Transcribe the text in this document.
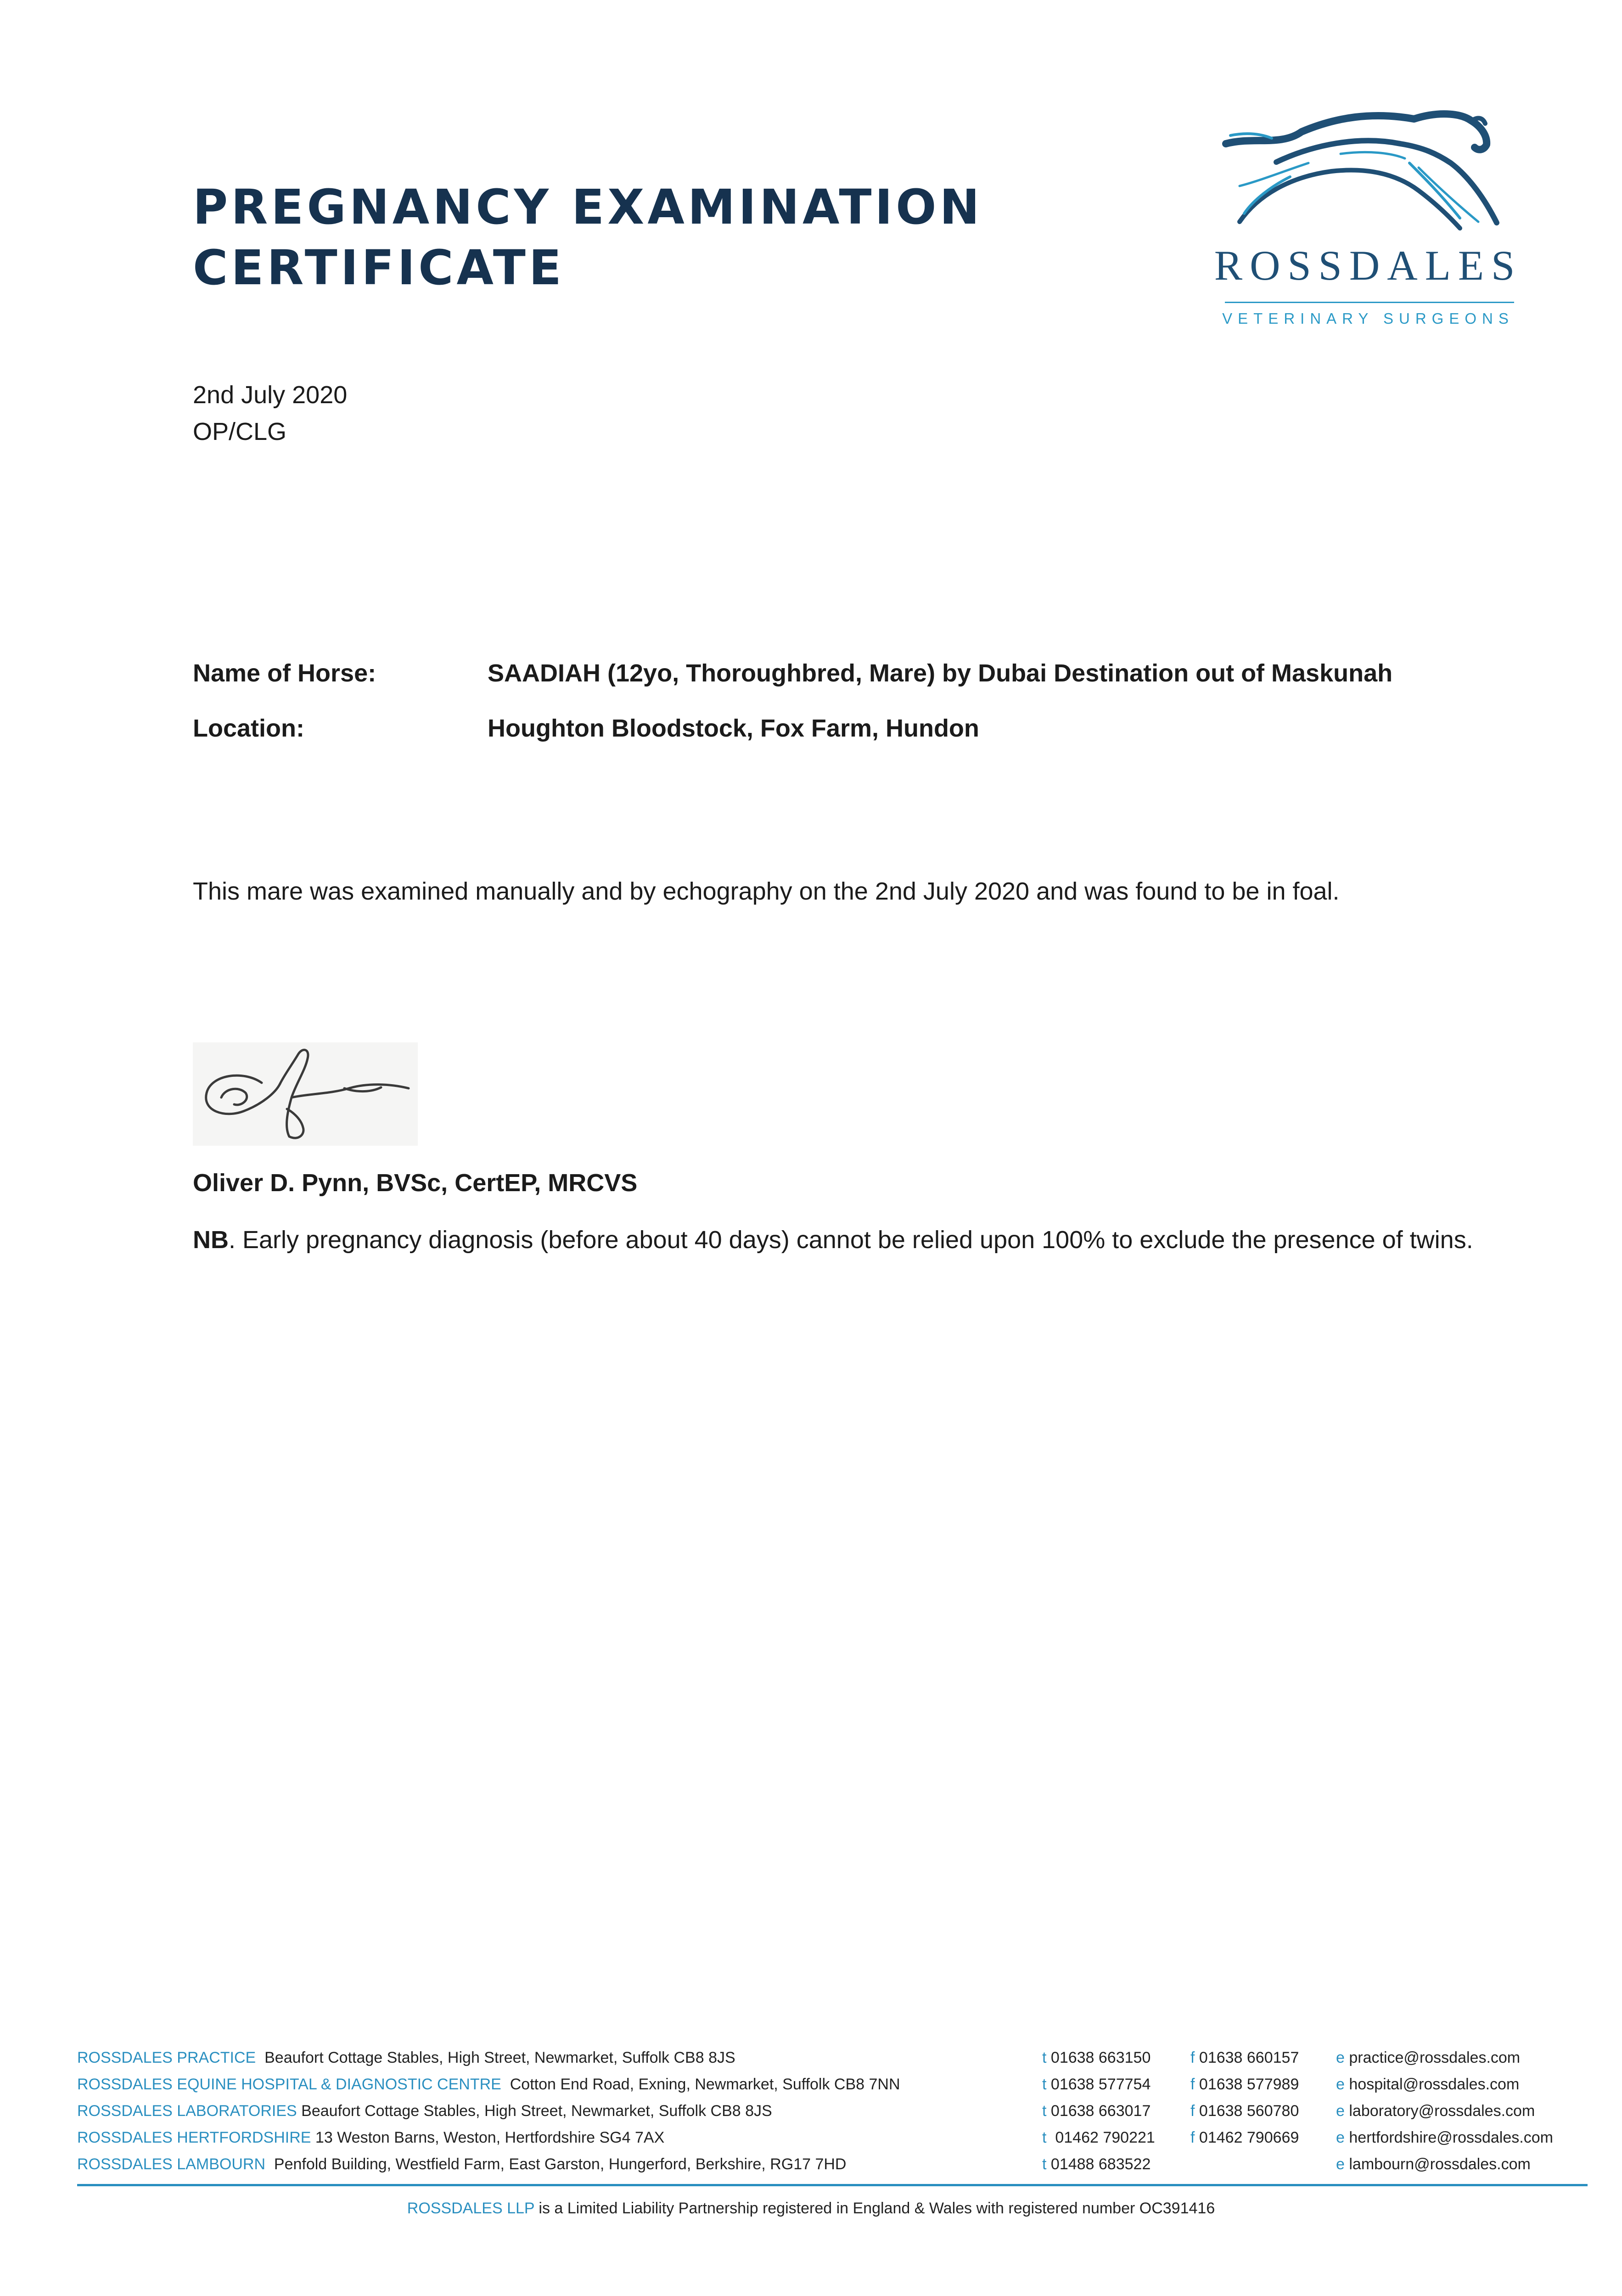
PREGNANCY EXAMINATION
CERTIFICATE	ROSSDALES
VETERINARY SURGEONS
2nd July 2020
OP/CLG
Name of Horse:	SAADIAH (12yo, Thoroughbred, Mare) by Dubai Destination out of Maskunah
Location:	Houghton Bloodstock, Fox Farm, Hundon
This mare was examined manually and by echography on the 2nd July 2020 and was found to be in foal.
Oliver D. Pynn, BVSc, CertEP, MRCVS
NB. Early pregnancy diagnosis (before about 40 days) cannot be relied upon 100% to exclude the presence of twins.
ROSSDALES PRACTICE Beaufort Cottage Stables, High Street, Newmarket, Suffolk CB8 8JS	t 01638 663150	f 01638 660157 e practice@rossdales.com
ROSSDALES EQUINE HOSPITAL & DIAGNOSTIC CENTRE Cotton End Road, Exning, Newmarket, Suffolk CB8 7NN	t 01638 577754	f 01638 577989 e hospital@rossdales.com
ROSSDALES LABORATORIES Beaufort Cottage Stables, High Street, Newmarket, Suffolk CB8 8JS	t 01638 663017	f 01638 560780 e laboratory@rossdales.com
ROSSDALES HERTFORDSHIRE 13 Weston Barns, Weston, Hertfordshire SG4 7AX	t 01462 790221 f 01462 790669 e hertfordshire@rossdales.com
ROSSDALES LAMBOURN Penfold Building, Westfield Farm, East Garston, Hungerford, Berkshire, RG17 7HD	t 01488 683522	e lambourn@rossdales.com
ROSSDALES LLP is a Limited Liability Partnership registered in England & Wales with registered number OC391416
